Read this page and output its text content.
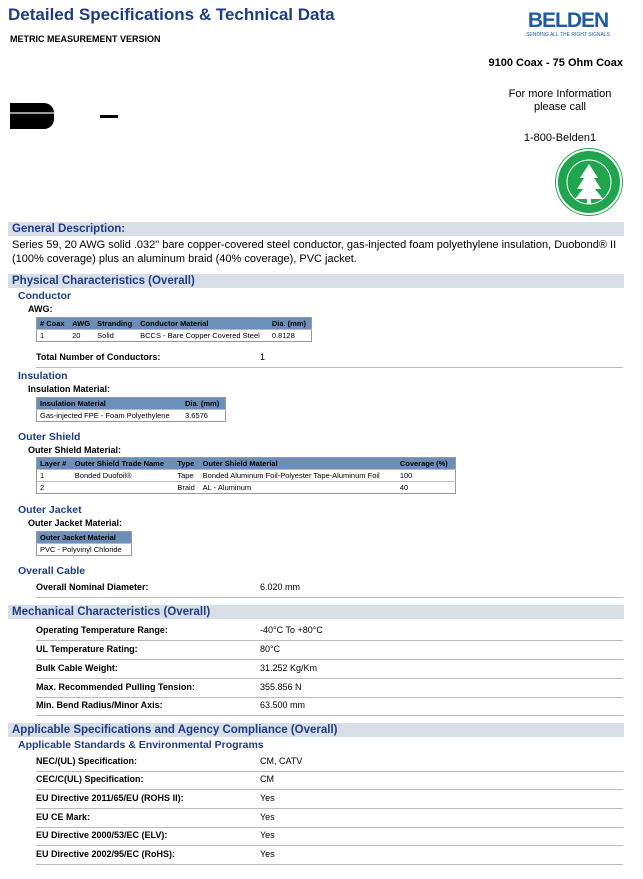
Detailed Specifications & Technical Data
METRIC MEASUREMENT VERSION
BELDEN
SENDING ALL THE RIGHT SIGNALS
9100 Coax - 75 Ohm Coax
For more Information
please call
1-800-Belden1
General Description:
Series 59, 20 AWG solid .032" bare copper-covered steel conductor, gas-injected foam polyethylene insulation, Duobond® II (100% coverage) plus an aluminum braid (40% coverage), PVC jacket.
Physical Characteristics (Overall)
Conductor
AWG:
# Coax	AWG	Stranding	Conductor Material	Dia. (mm)
1	20	Solid	BCCS - Bare Copper Covered Steel	0.8128
Total Number of Conductors:	1
Insulation
Insulation Material:
Insulation Material	Dia. (mm)
Gas-injected FPE - Foam Polyethylene	3.6576
Outer Shield
Outer Shield Material:
Layer #	Outer Shield Trade Name	Type	Outer Shield Material	Coverage (%)
1	Bonded Duofoil®	Tape	Bonded Aluminum Foil-Polyester Tape-Aluminum Foil	100
2		Braid	AL - Aluminum	40
Outer Jacket
Outer Jacket Material:
Outer Jacket Material
PVC - Polyvinyl Chloride
Overall Cable
Overall Nominal Diameter:	6.020 mm
Mechanical Characteristics (Overall)
Operating Temperature Range:	-40°C To +80°C
UL Temperature Rating:	80°C
Bulk Cable Weight:	31.252 Kg/Km
Max. Recommended Pulling Tension:	355.856 N
Min. Bend Radius/Minor Axis:	63.500 mm
Applicable Specifications and Agency Compliance (Overall)
Applicable Standards & Environmental Programs
NEC/(UL) Specification:	CM, CATV
CEC/C(UL) Specification:	CM
EU Directive 2011/65/EU (ROHS II):	Yes
EU CE Mark:	Yes
EU Directive 2000/53/EC (ELV):	Yes
EU Directive 2002/95/EC (RoHS):	Yes
